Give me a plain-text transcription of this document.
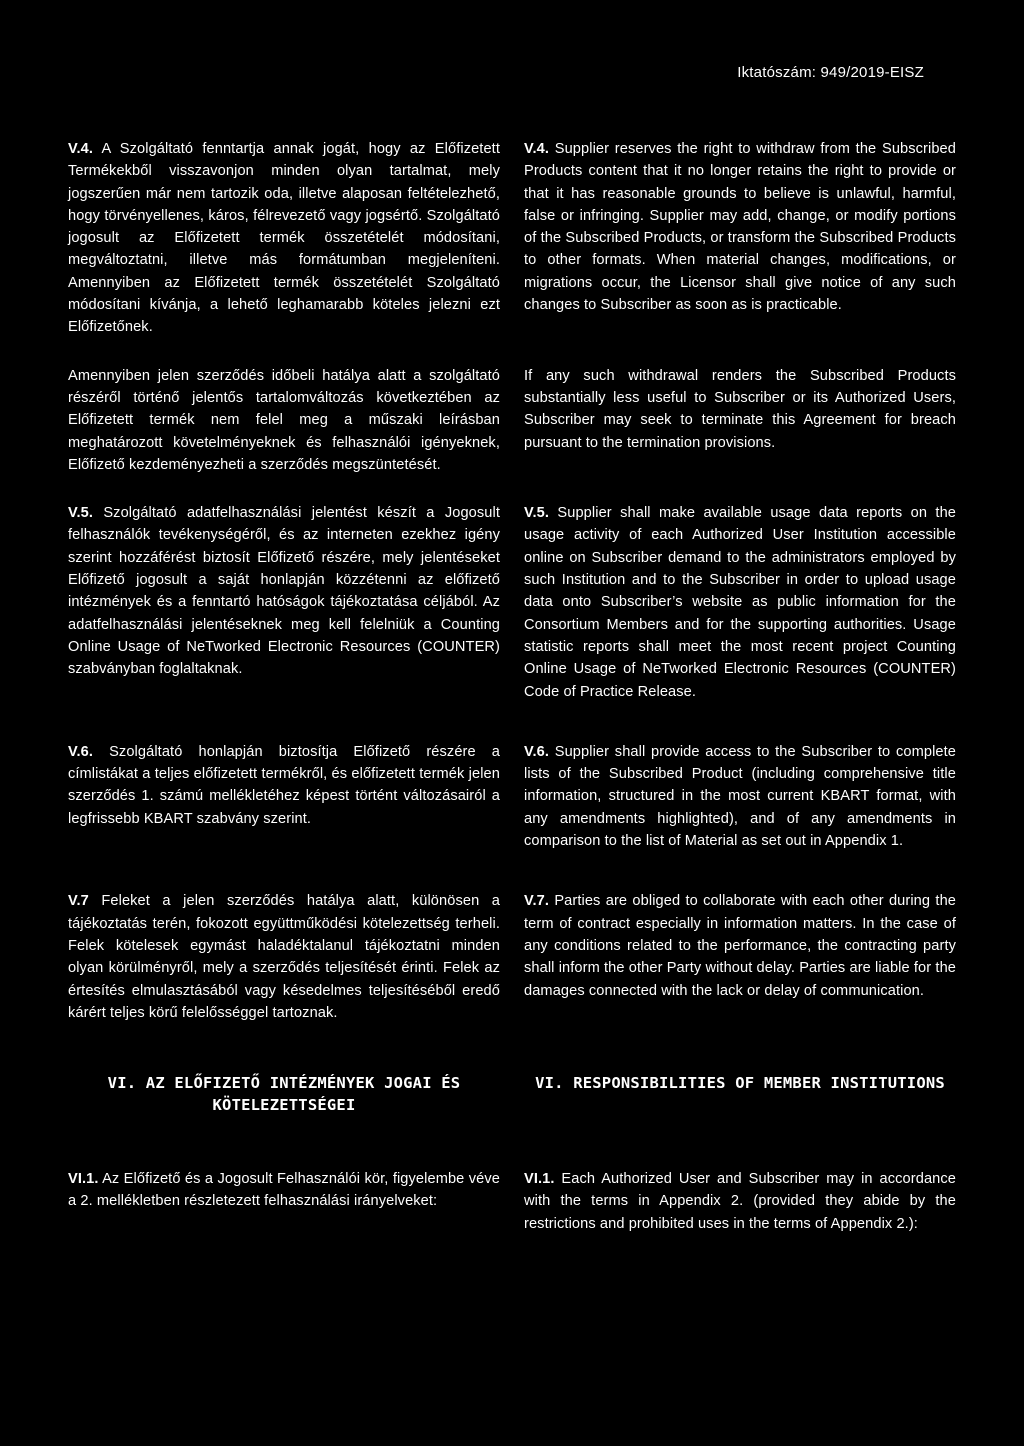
Iktatószám: 949/2019-EISZ
V.4. A Szolgáltató fenntartja annak jogát, hogy az Előfizetett Termékekből visszavonjon minden olyan tartalmat, mely jogszerűen már nem tartozik oda, illetve alaposan feltételezhető, hogy törvényellenes, káros, félrevezető vagy jogsértő. Szolgáltató jogosult az Előfizetett termék összetételét módosítani, megváltoztatni, illetve más formátumban megjeleníteni. Amennyiben az Előfizetett termék összetételét Szolgáltató módosítani kívánja, a lehető leghamarabb köteles jelezni ezt Előfizetőnek.
V.4. Supplier reserves the right to withdraw from the Subscribed Products content that it no longer retains the right to provide or that it has reasonable grounds to believe is unlawful, harmful, false or infringing. Supplier may add, change, or modify portions of the Subscribed Products, or transform the Subscribed Products to other formats. When material changes, modifications, or migrations occur, the Licensor shall give notice of any such changes to Subscriber as soon as is practicable.
Amennyiben jelen szerződés időbeli hatálya alatt a szolgáltató részéről történő jelentős tartalomváltozás következtében az Előfizetett termék nem felel meg a műszaki leírásban meghatározott követelményeknek és felhasználói igényeknek, Előfizető kezdeményezheti a szerződés megszüntetését.
If any such withdrawal renders the Subscribed Products substantially less useful to Subscriber or its Authorized Users, Subscriber may seek to terminate this Agreement for breach pursuant to the termination provisions.
V.5. Szolgáltató adatfelhasználási jelentést készít a Jogosult felhasználók tevékenységéről, és az interneten ezekhez igény szerint hozzáférést biztosít Előfizető részére, mely jelentéseket Előfizető jogosult a saját honlapján közzétenni az előfizető intézmények és a fenntartó hatóságok tájékoztatása céljából. Az adatfelhasználási jelentéseknek meg kell felelniük a Counting Online Usage of NeTworked Electronic Resources (COUNTER) szabványban foglaltaknak.
V.5. Supplier shall make available usage data reports on the usage activity of each Authorized User Institution accessible online on Subscriber demand to the administrators employed by such Institution and to the Subscriber in order to upload usage data onto Subscriber’s website as public information for the Consortium Members and for the supporting authorities. Usage statistic reports shall meet the most recent project Counting Online Usage of NeTworked Electronic Resources (COUNTER) Code of Practice Release.
V.6. Szolgáltató honlapján biztosítja Előfizető részére a címlistákat a teljes előfizetett termékről, és előfizetett termék jelen szerződés 1. számú mellékletéhez képest történt változásairól a legfrissebb KBART szabvány szerint.
V.6. Supplier shall provide access to the Subscriber to complete lists of the Subscribed Product (including comprehensive title information, structured in the most current KBART format, with any amendments highlighted), and of any amendments in comparison to the list of Material as set out in Appendix 1.
V.7 Feleket a jelen szerződés hatálya alatt, különösen a tájékoztatás terén, fokozott együttműködési kötelezettség terheli. Felek kötelesek egymást haladéktalanul tájékoztatni minden olyan körülményről, mely a szerződés teljesítését érinti. Felek az értesítés elmulasztásából vagy késedelmes teljesítéséből eredő kárért teljes körű felelősséggel tartoznak.
V.7. Parties are obliged to collaborate with each other during the term of contract especially in information matters. In the case of any conditions related to the performance, the contracting party shall inform the other Party without delay. Parties are liable for the damages connected with the lack or delay of communication.
VI. AZ ELŐFIZETŐ INTÉZMÉNYEK JOGAI ÉS KÖTELEZETTSÉGEI
VI. RESPONSIBILITIES OF MEMBER INSTITUTIONS
VI.1. Az Előfizető és a Jogosult Felhasználói kör, figyelembe véve a 2. mellékletben részletezett felhasználási irányelveket:
VI.1. Each Authorized User and Subscriber may in accordance with the terms in Appendix 2. (provided they abide by the restrictions and prohibited uses in the terms of Appendix 2.):
